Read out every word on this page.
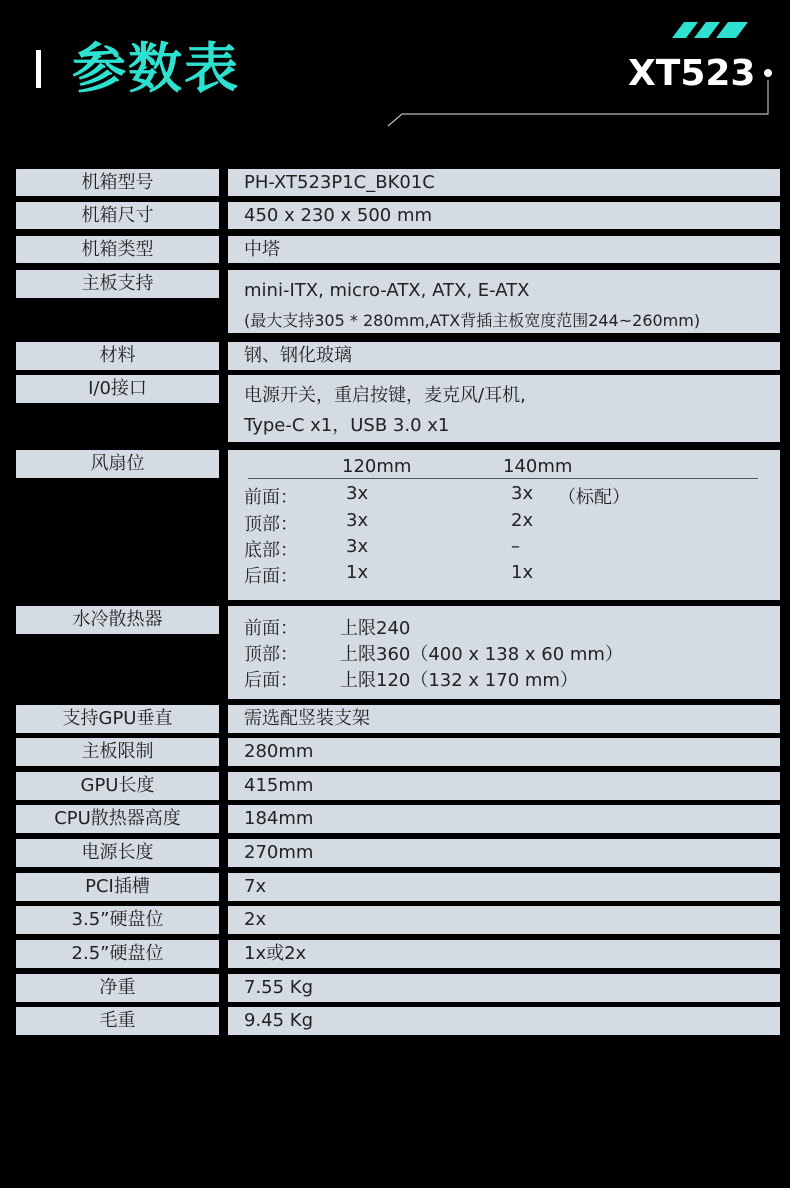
参数表	XT523
机箱型号	PH-XT523P1C_BK01C
机箱尺寸	450 x 230 x 500 mm
机箱类型	中塔
主板支持	mini-ITX, micro-ATX, ATX, E-ATX
(最大支持305 * 280mm,ATX背插主板宽度范围244~260mm)
材料	钢、钢化玻璃
I/0接口	电源开关，重启按键，麦克风/耳机,
Type-C x1，USB 3.0 x1
风扇位	120mm	140mm
前面：	3x	3x （标配）
顶部：	3x	2x
底部：	3x	–
后面：	1x	1x
水冷散热器	前面： 上限240
顶部： 上限360（400 x 138 x 60 mm）
后面： 上限120（132 x 170 mm）
支持GPU垂直	需选配竖装支架
主板限制	280mm
GPU长度	415mm
CPU散热器高度	184mm
电源长度	270mm
PCI插槽	7x
3.5”硬盘位	2x
2.5”硬盘位	1x或2x
净重	7.55 Kg
毛重	9.45 Kg
